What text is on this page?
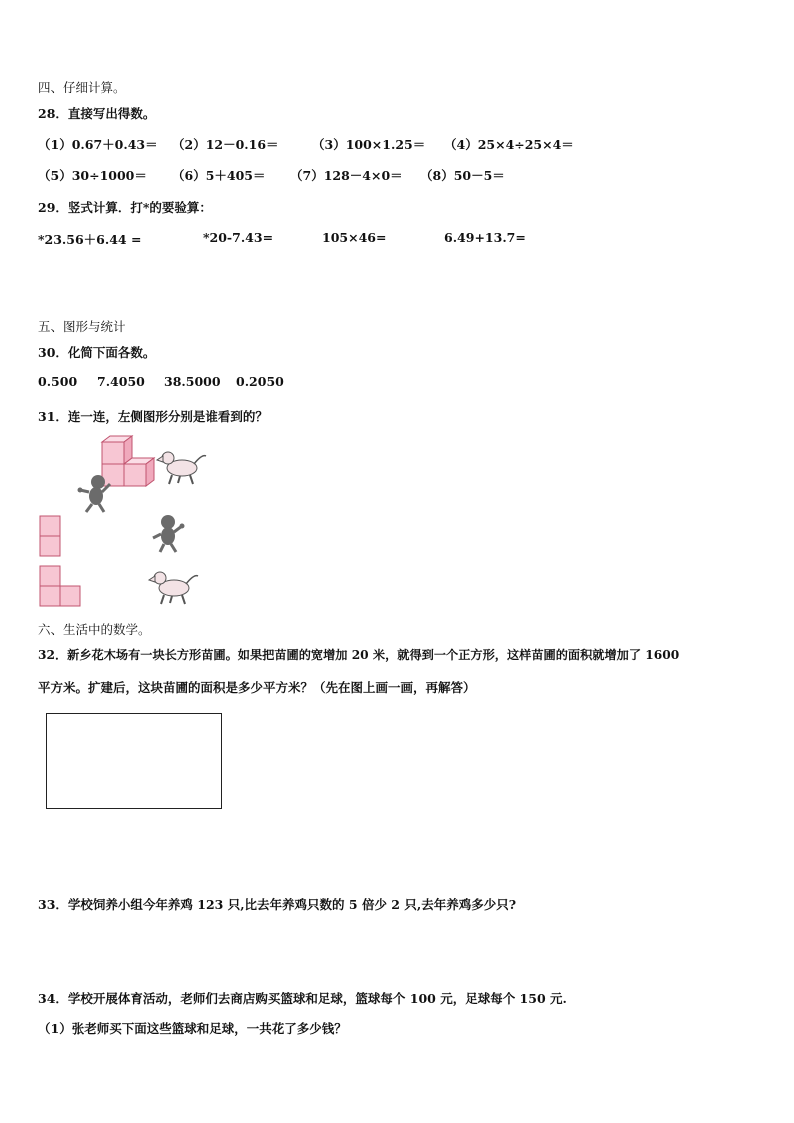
四、仔细计算。
28．直接写出得数。
（1）0.67＋0.43＝ （2）12－0.16＝	（3）100×1.25＝ （4）25×4÷25×4＝
（5）30÷1000＝ （6）5＋405＝ （7）128－4×0＝ （8）50－5＝
29．竖式计算．打*的要验算：
*23.56＋6.44 =	*20-7.43=	105×46=	6.49+13.7=
五、图形与统计
30．化简下面各数。
0.500 7.4050 38.5000 0.2050
31．连一连，左侧图形分别是谁看到的？
六、生活中的数学。
32．新乡花木场有一块长方形苗圃。如果把苗圃的宽增加 20 米，就得到一个正方形，这样苗圃的面积就增加了 1600
平方米。扩建后，这块苗圃的面积是多少平方米？（先在图上画一画，再解答）
33．学校饲养小组今年养鸡 123 只,比去年养鸡只数的 5 倍少 2 只,去年养鸡多少只?
34．学校开展体育活动，老师们去商店购买篮球和足球，篮球每个 100 元，足球每个 150 元.
（1）张老师买下面这些篮球和足球，一共花了多少钱？
